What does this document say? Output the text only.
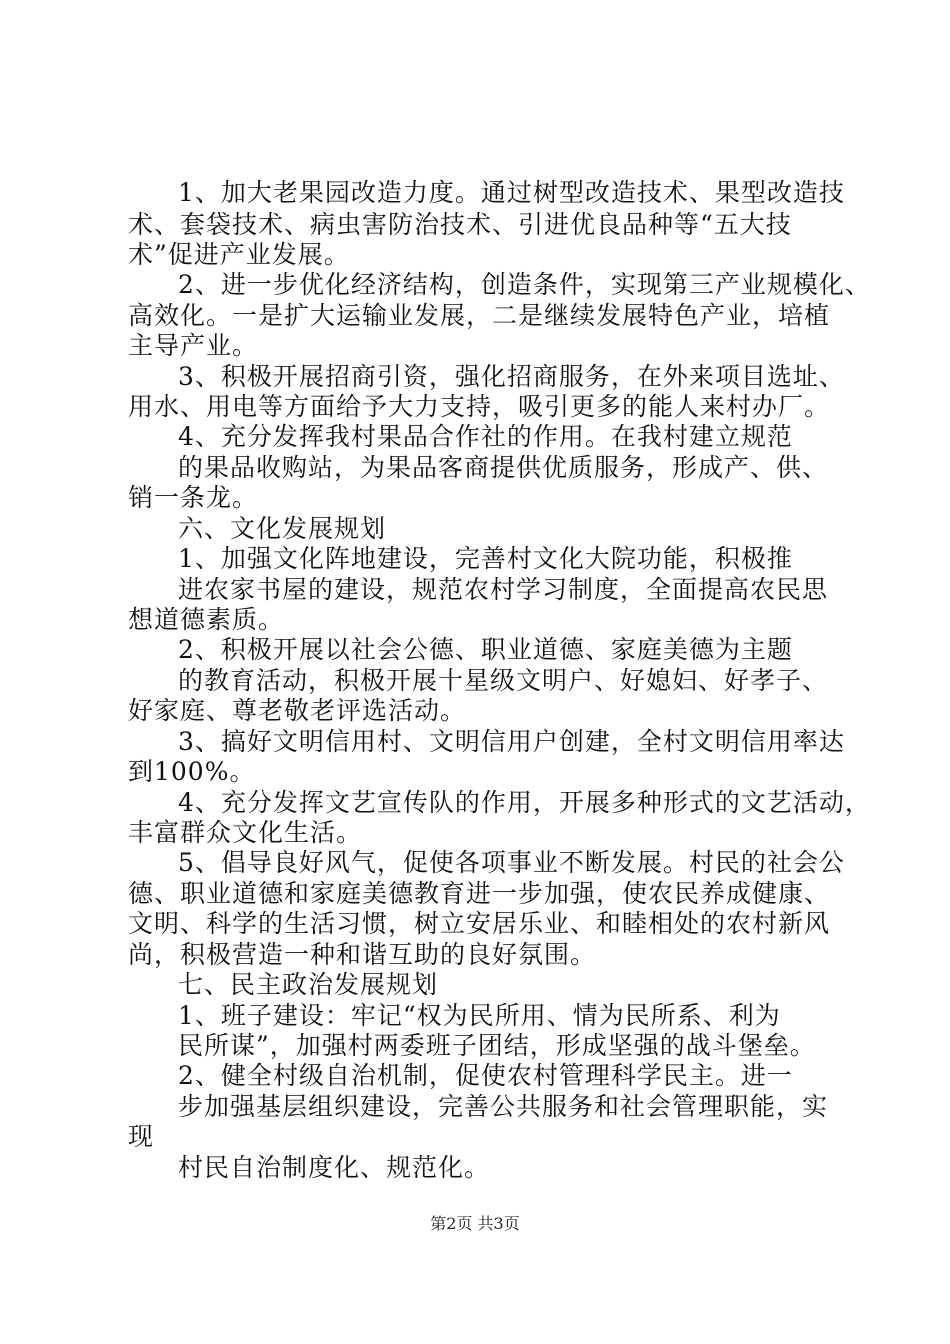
1、加大老果园改造力度。通过树型改造技术、果型改造技
术、套袋技术、病虫害防治技术、引进优良品种等“五大技
术”促进产业发展。
2、进一步优化经济结构，创造条件，实现第三产业规模化、
高效化。一是扩大运输业发展，二是继续发展特色产业，培植
主导产业。
3、积极开展招商引资，强化招商服务，在外来项目选址、
用水、用电等方面给予大力支持，吸引更多的能人来村办厂。
4、充分发挥我村果品合作社的作用。在我村建立规范
的果品收购站，为果品客商提供优质服务，形成产、供、
销一条龙。
六、文化发展规划
1、加强文化阵地建设，完善村文化大院功能，积极推
进农家书屋的建设，规范农村学习制度，全面提高农民思
想道德素质。
2、积极开展以社会公德、职业道德、家庭美德为主题
的教育活动，积极开展十星级文明户、好媳妇、好孝子、
好家庭、尊老敬老评选活动。
3、搞好文明信用村、文明信用户创建，全村文明信用率达
到100%。
4、充分发挥文艺宣传队的作用，开展多种形式的文艺活动，
丰富群众文化生活。
5、倡导良好风气，促使各项事业不断发展。村民的社会公
德、职业道德和家庭美德教育进一步加强，使农民养成健康、
文明、科学的生活习惯，树立安居乐业、和睦相处的农村新风
尚，积极营造一种和谐互助的良好氛围。
七、民主政治发展规划
1、班子建设：牢记“权为民所用、情为民所系、利为
民所谋”，加强村两委班子团结，形成坚强的战斗堡垒。
2、健全村级自治机制，促使农村管理科学民主。进一
步加强基层组织建设，完善公共服务和社会管理职能，实
现
村民自治制度化、规范化。
第2页 共3页
